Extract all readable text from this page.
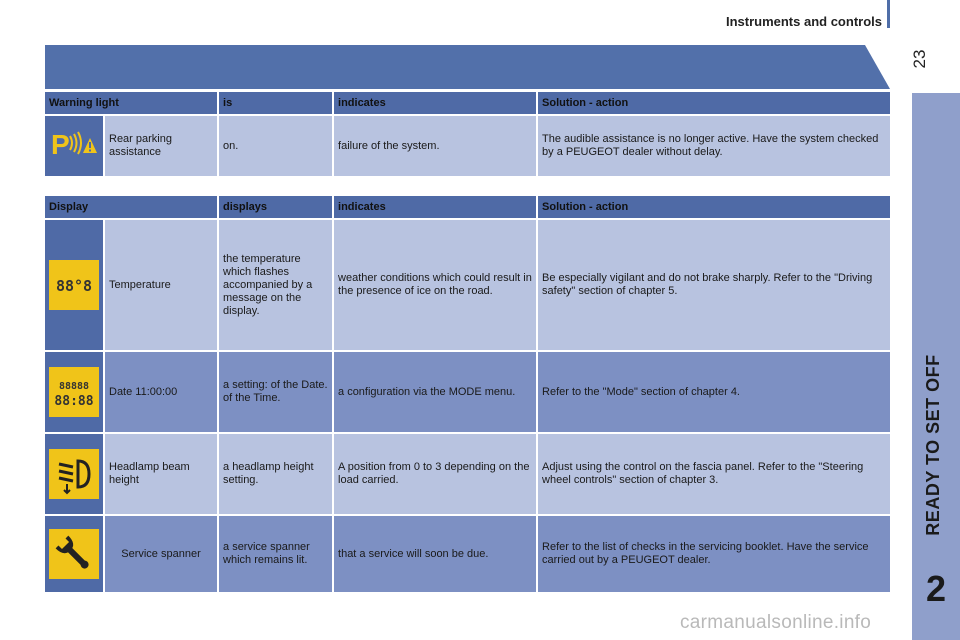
Instruments and controls
23
READY TO SET OFF
2
Warning light		is	indicates	Solution - action

P	Rear parking assistance	on.	failure of the system.	The audible assistance is no longer active. Have the system checked by a PEUGEOT dealer without delay.
Display		displays	indicates	Solution - action

88°8	Temperature	the temperature which flashes accompanied by a message on the display.	weather conditions which could result in the presence of ice on the road.	Be especially vigilant and do not brake sharply. Refer to the "Driving safety" section of chapter 5.

88888
88:88	Date 11:00:00	a setting: of the Date. of the Time.	a configuration via the MODE menu.	Refer to the "Mode" section of chapter 4.

	Headlamp beam height	a headlamp height setting.	A position from 0 to 3 depending on the load carried.	Adjust using the control on the fascia panel. Refer to the "Steering wheel controls" section of chapter 3.

	Service spanner	a service spanner which remains lit.	that a service will soon be due.	Refer to the list of checks in the servicing booklet. Have the service carried out by a PEUGEOT dealer.
carmanualsonline.info
